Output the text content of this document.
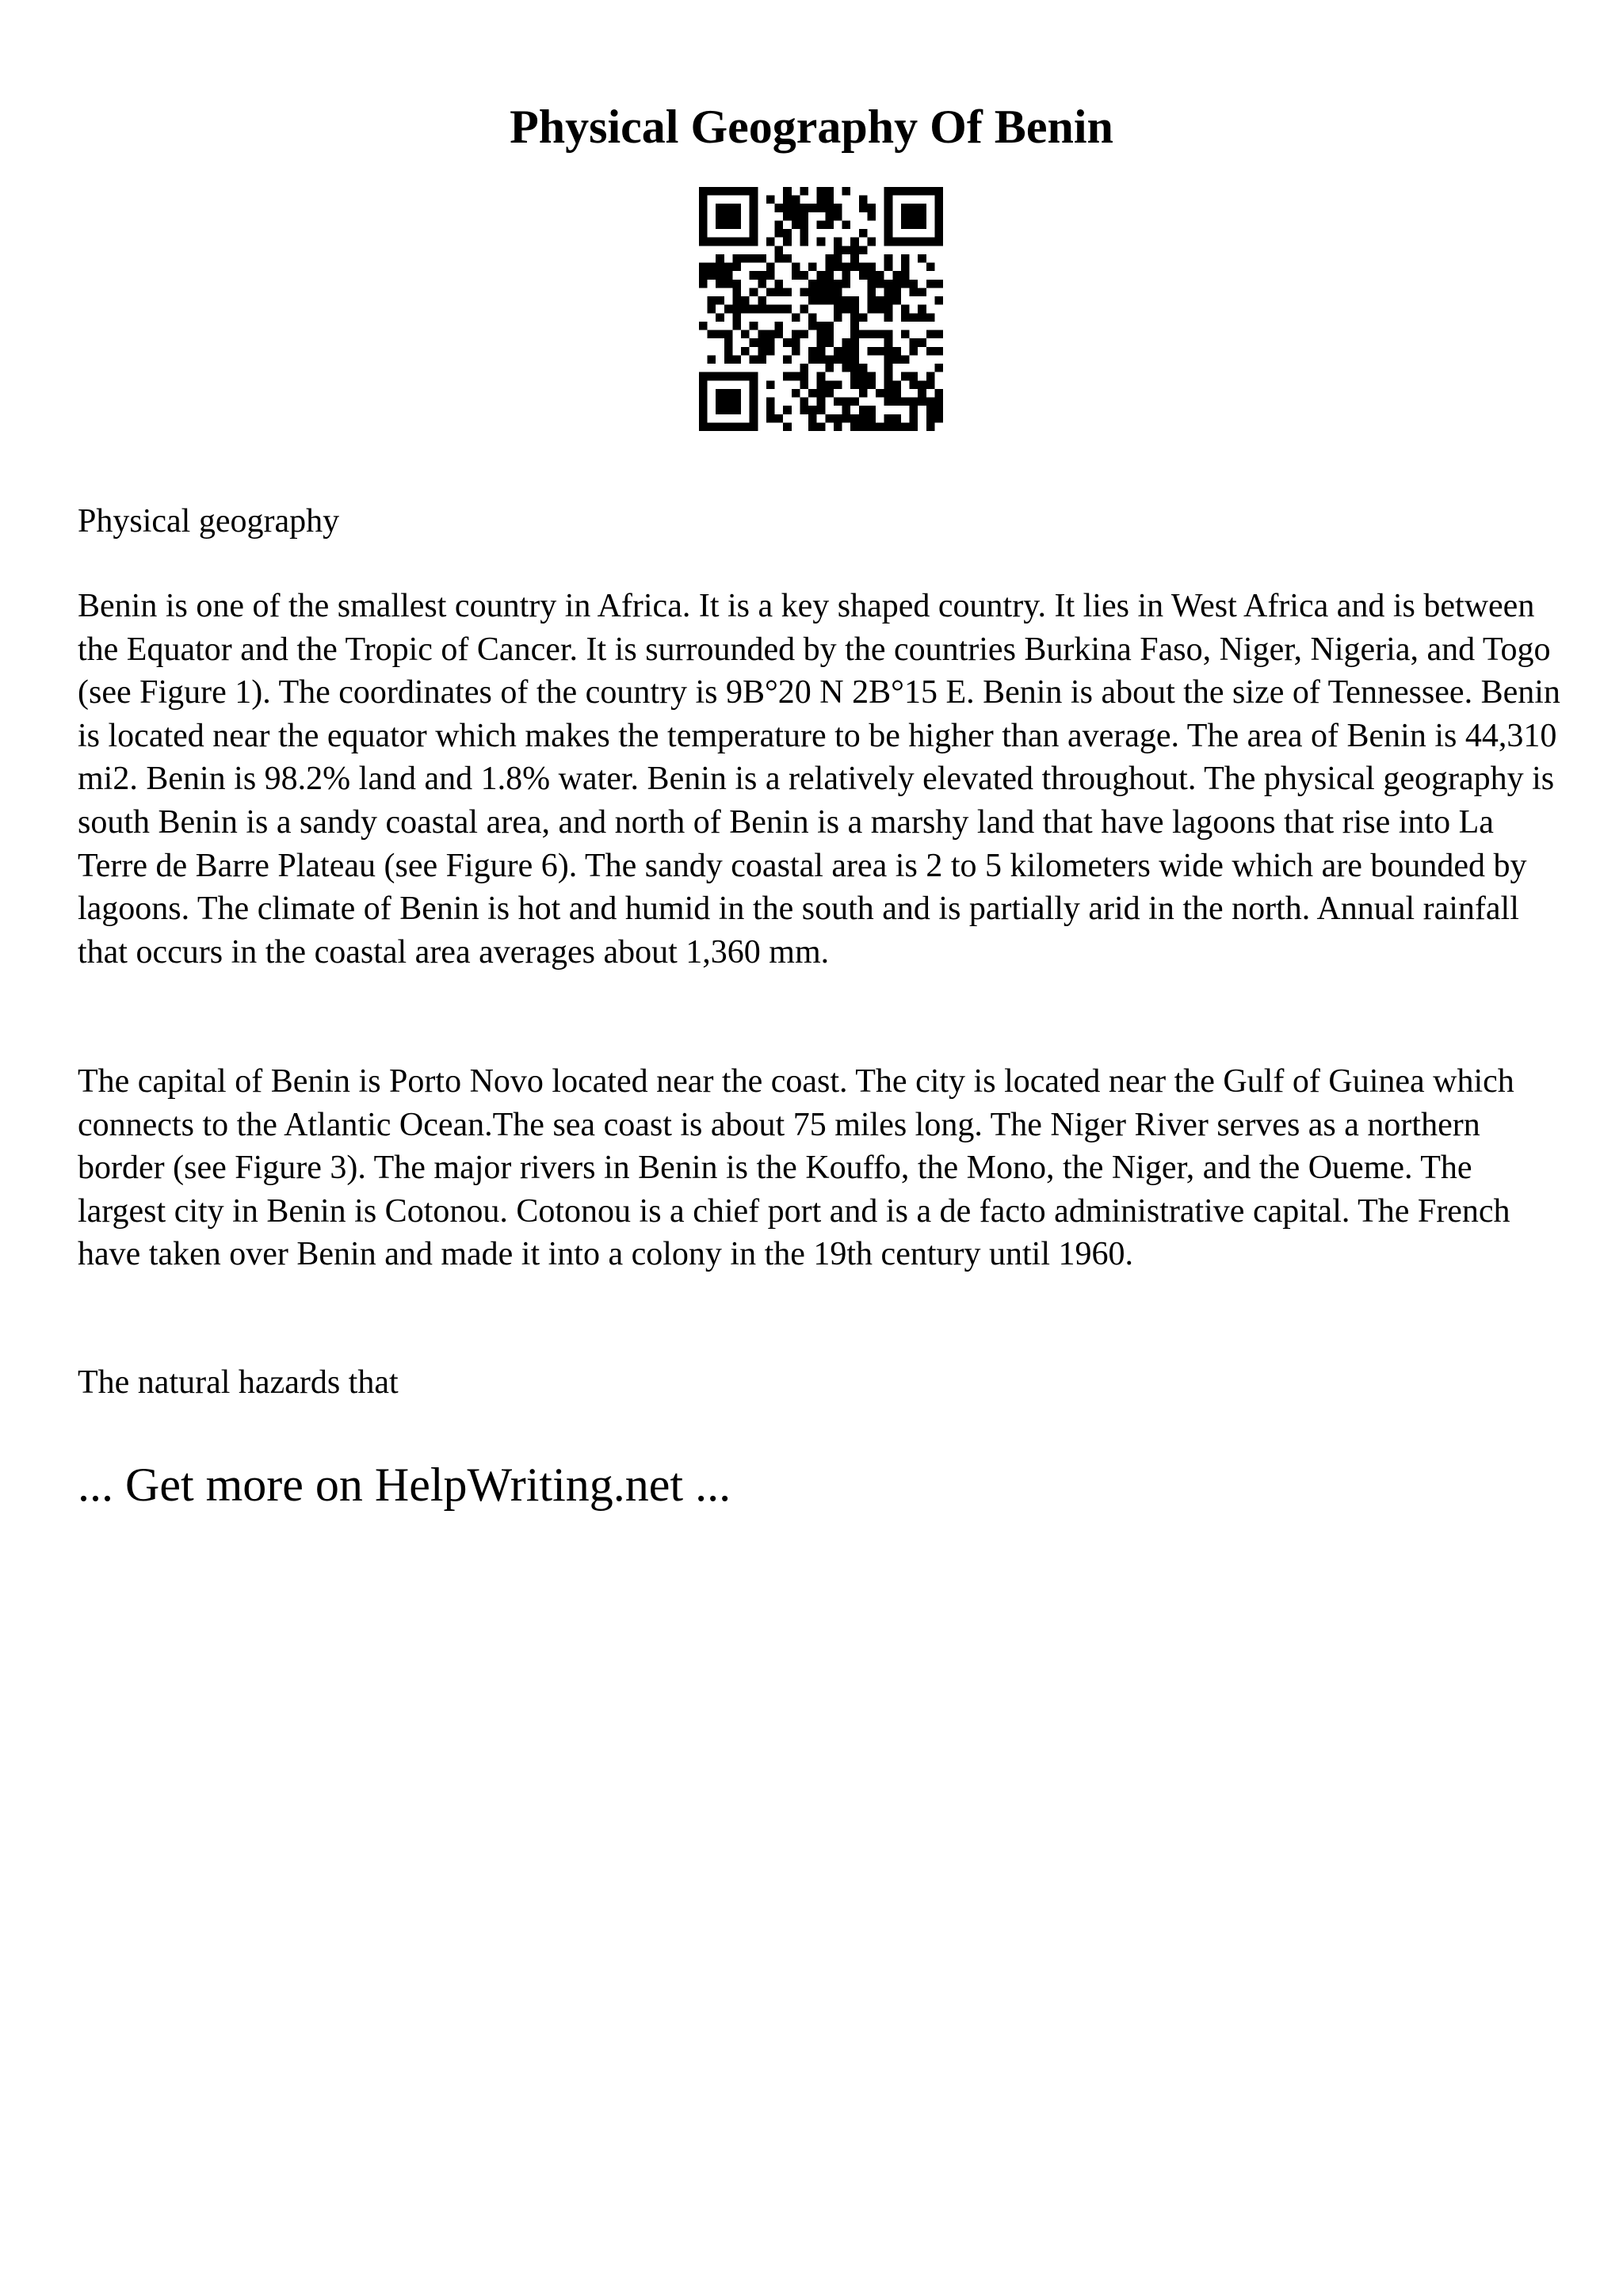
Physical Geography Of Benin

Physical geography

Benin is one of the smallest country in Africa. It is a key shaped country. It lies in West Africa and is between the Equator and the Tropic of Cancer. It is surrounded by the countries Burkina Faso, Niger, Nigeria, and Togo (see Figure 1). The coordinates of the country is 9B°20 N 2B°15 E. Benin is about the size of Tennessee. Benin is located near the equator which makes the temperature to be higher than average. The area of Benin is 44,310 mi2. Benin is 98.2% land and 1.8% water. Benin is a relatively elevated throughout. The physical geography is south Benin is a sandy coastal area, and north of Benin is a marshy land that have lagoons that rise into La Terre de Barre Plateau (see Figure 6). The sandy coastal area is 2 to 5 kilometers wide which are bounded by lagoons. The climate of Benin is hot and humid in the south and is partially arid in the north. Annual rainfall that occurs in the coastal area averages about 1,360 mm.

The capital of Benin is Porto Novo located near the coast. The city is located near the Gulf of Guinea which connects to the Atlantic Ocean.The sea coast is about 75 miles long. The Niger River serves as a northern border (see Figure 3). The major rivers in Benin is the Kouffo, the Mono, the Niger, and the Oueme. The largest city in Benin is Cotonou. Cotonou is a chief port and is a de facto administrative capital. The French have taken over Benin and made it into a colony in the 19th century until 1960.

The natural hazards that

... Get more on HelpWriting.net ...
